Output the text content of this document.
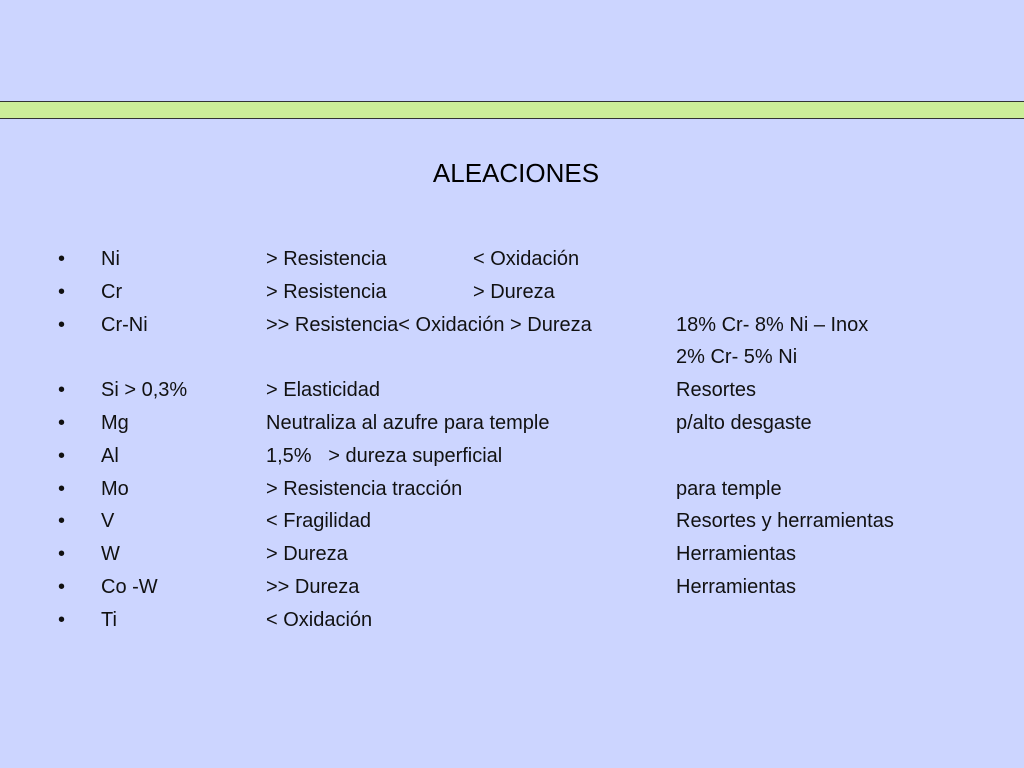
ALEACIONES
• Ni	> Resistencia	< Oxidación
• Cr	> Resistencia	> Dureza
• Cr-Ni	>> Resistencia< Oxidación > Dureza	18% Cr- 8% Ni – Inox
2% Cr- 5% Ni
• Si > 0,3%	> Elasticidad	Resortes
• Mg	Neutraliza al azufre para temple	p/alto desgaste
• Al	1,5%   > dureza superficial
• Mo	> Resistencia tracción	para temple
• V	< Fragilidad	Resortes y herramientas
• W	> Dureza	Herramientas
• Co -W	>> Dureza	Herramientas
• Ti	< Oxidación
